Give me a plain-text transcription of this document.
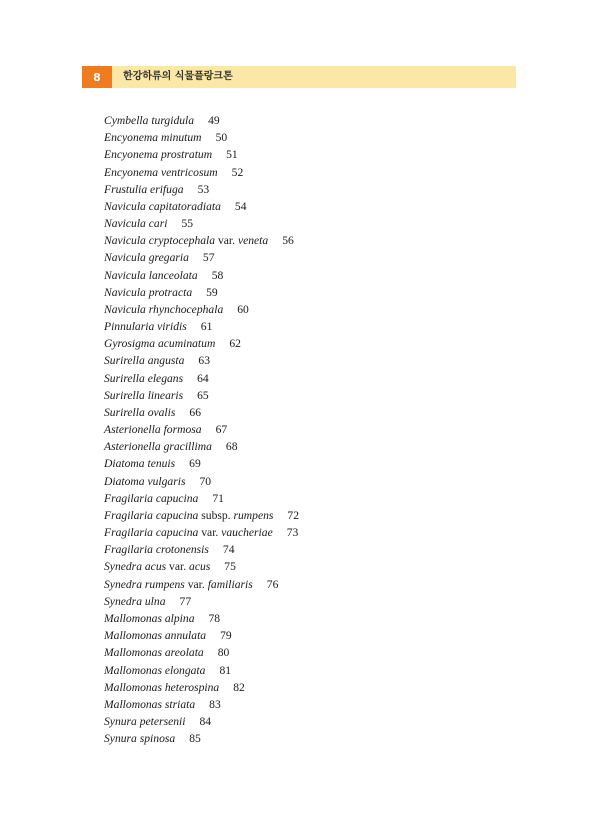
8	한강하류의 식물플랑크톤
Cymbella turgidula 49
Encyonema minutum 50
Encyonema prostratum 51
Encyonema ventricosum 52
Frustulia erifuga 53
Navicula capitatoradiata 54
Navicula cari 55
Navicula cryptocephala var. veneta 56
Navicula gregaria 57
Navicula lanceolata 58
Navicula protracta 59
Navicula rhynchocephala 60
Pinnularia viridis 61
Gyrosigma acuminatum 62
Surirella angusta 63
Surirella elegans 64
Surirella linearis 65
Surirella ovalis 66
Asterionella formosa 67
Asterionella gracillima 68
Diatoma tenuis 69
Diatoma vulgaris 70
Fragilaria capucina 71
Fragilaria capucina subsp. rumpens 72
Fragilaria capucina var. vaucheriae 73
Fragilaria crotonensis 74
Synedra acus var. acus 75
Synedra rumpens var. familiaris 76
Synedra ulna 77
Mallomonas alpina 78
Mallomonas annulata 79
Mallomonas areolata 80
Mallomonas elongata 81
Mallomonas heterospina 82
Mallomonas striata 83
Synura petersenii 84
Synura spinosa 85
